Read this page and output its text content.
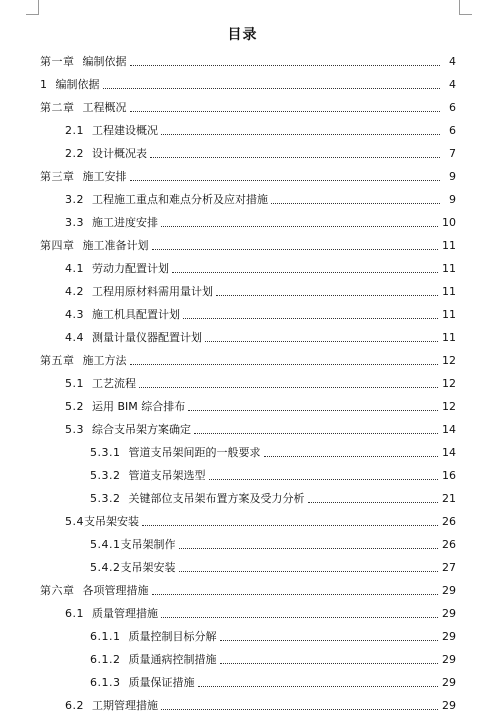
目录
第一章 编制依据	4
1 编制依据	4
第二章 工程概况	6
2.1 工程建设概况	6
2.2 设计概况表	7
第三章 施工安排	9
3.2 工程施工重点和难点分析及应对措施	9
3.3 施工进度安排	10
第四章 施工准备计划	11
4.1 劳动力配置计划	11
4.2 工程用原材料需用量计划	11
4.3 施工机具配置计划	11
4.4 测量计量仪器配置计划	11
第五章 施工方法	12
5.1 工艺流程	12
5.2 运用 BIM 综合排布	12
5.3 综合支吊架方案确定	14
5.3.1 管道支吊架间距的一般要求	14
5.3.2 管道支吊架选型	16
5.3.2 关键部位支吊架布置方案及受力分析	21
5.4 支吊架安装	26
5.4.1 支吊架制作	26
5.4.2 支吊架安装	27
第六章 各项管理措施	29
6.1 质量管理措施	29
6.1.1 质量控制目标分解	29
6.1.2 质量通病控制措施	29
6.1.3 质量保证措施	29
6.2 工期管理措施	29
